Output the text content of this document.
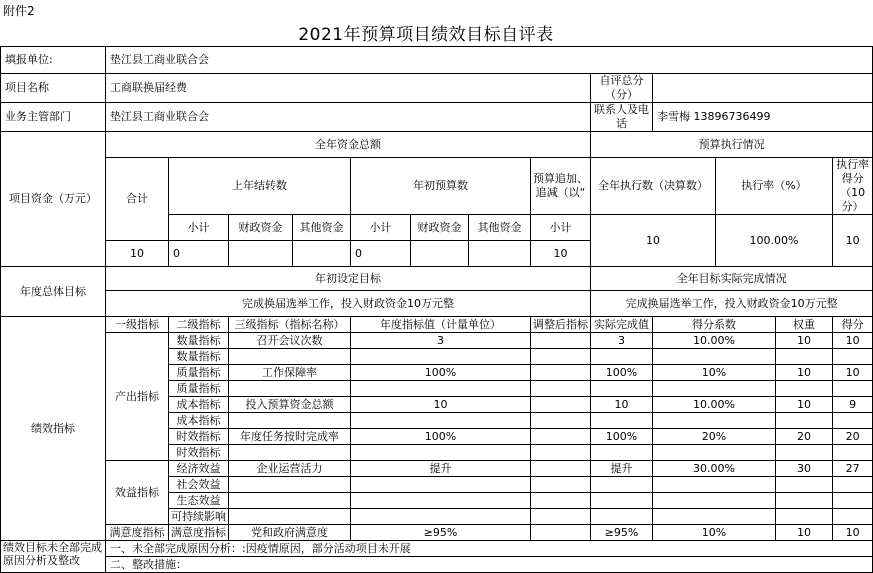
附件2
2021年预算项目绩效目标自评表
填报单位:	垫江县工商业联合会												
项目名称	工商联换届经费								自评总分（分）				
业务主管部门	垫江县工商业联合会								联系人及电话	李雪梅 13896736499			
项目资金（万元）	全年资金总额								预算执行情况				
	合计	上年结转数			年初预算数			预算追加、追减（以“	全年执行数（决算数）		执行率（%）		执行率得分（10分）
		小计	财政资金	其他资金	小计	财政资金	其他资金	小计	10		100.00%		10
	10	0			0			10					
年度总体目标	年初设定目标								全年目标实际完成情况				
	完成换届选举工作，投入财政资金10万元整								完成换届选举工作，投入财政资金10万元整				
绩效指标	一级指标	二级指标	三级指标（指标名称）		年度指标值（计量单位）			调整后指标	实际完成值	得分系数		权重	得分
	产出指标	数量指标	召开会议次数		3				3	10.00%		10	10
		数量指标											
		质量指标	工作保障率		100%				100%	10%		10	10
		质量指标											
		成本指标	投入预算资金总额		10				10	10.00%		10	9
		成本指标											
		时效指标	年度任务按时完成率		100%				100%	20%		20	20
		时效指标											
	效益指标	经济效益	企业运营活力		提升				提升	30.00%		30	27
		社会效益											
		生态效益											
		可持续影响											
	满意度指标	满意度指标	党和政府满意度		≥95%				≥95%	10%		10	10
绩效目标未全部完成原因分析及整改	一、未全部完成原因分析：:因疫情原因，部分活动项目未开展												
	二、整改措施：												
